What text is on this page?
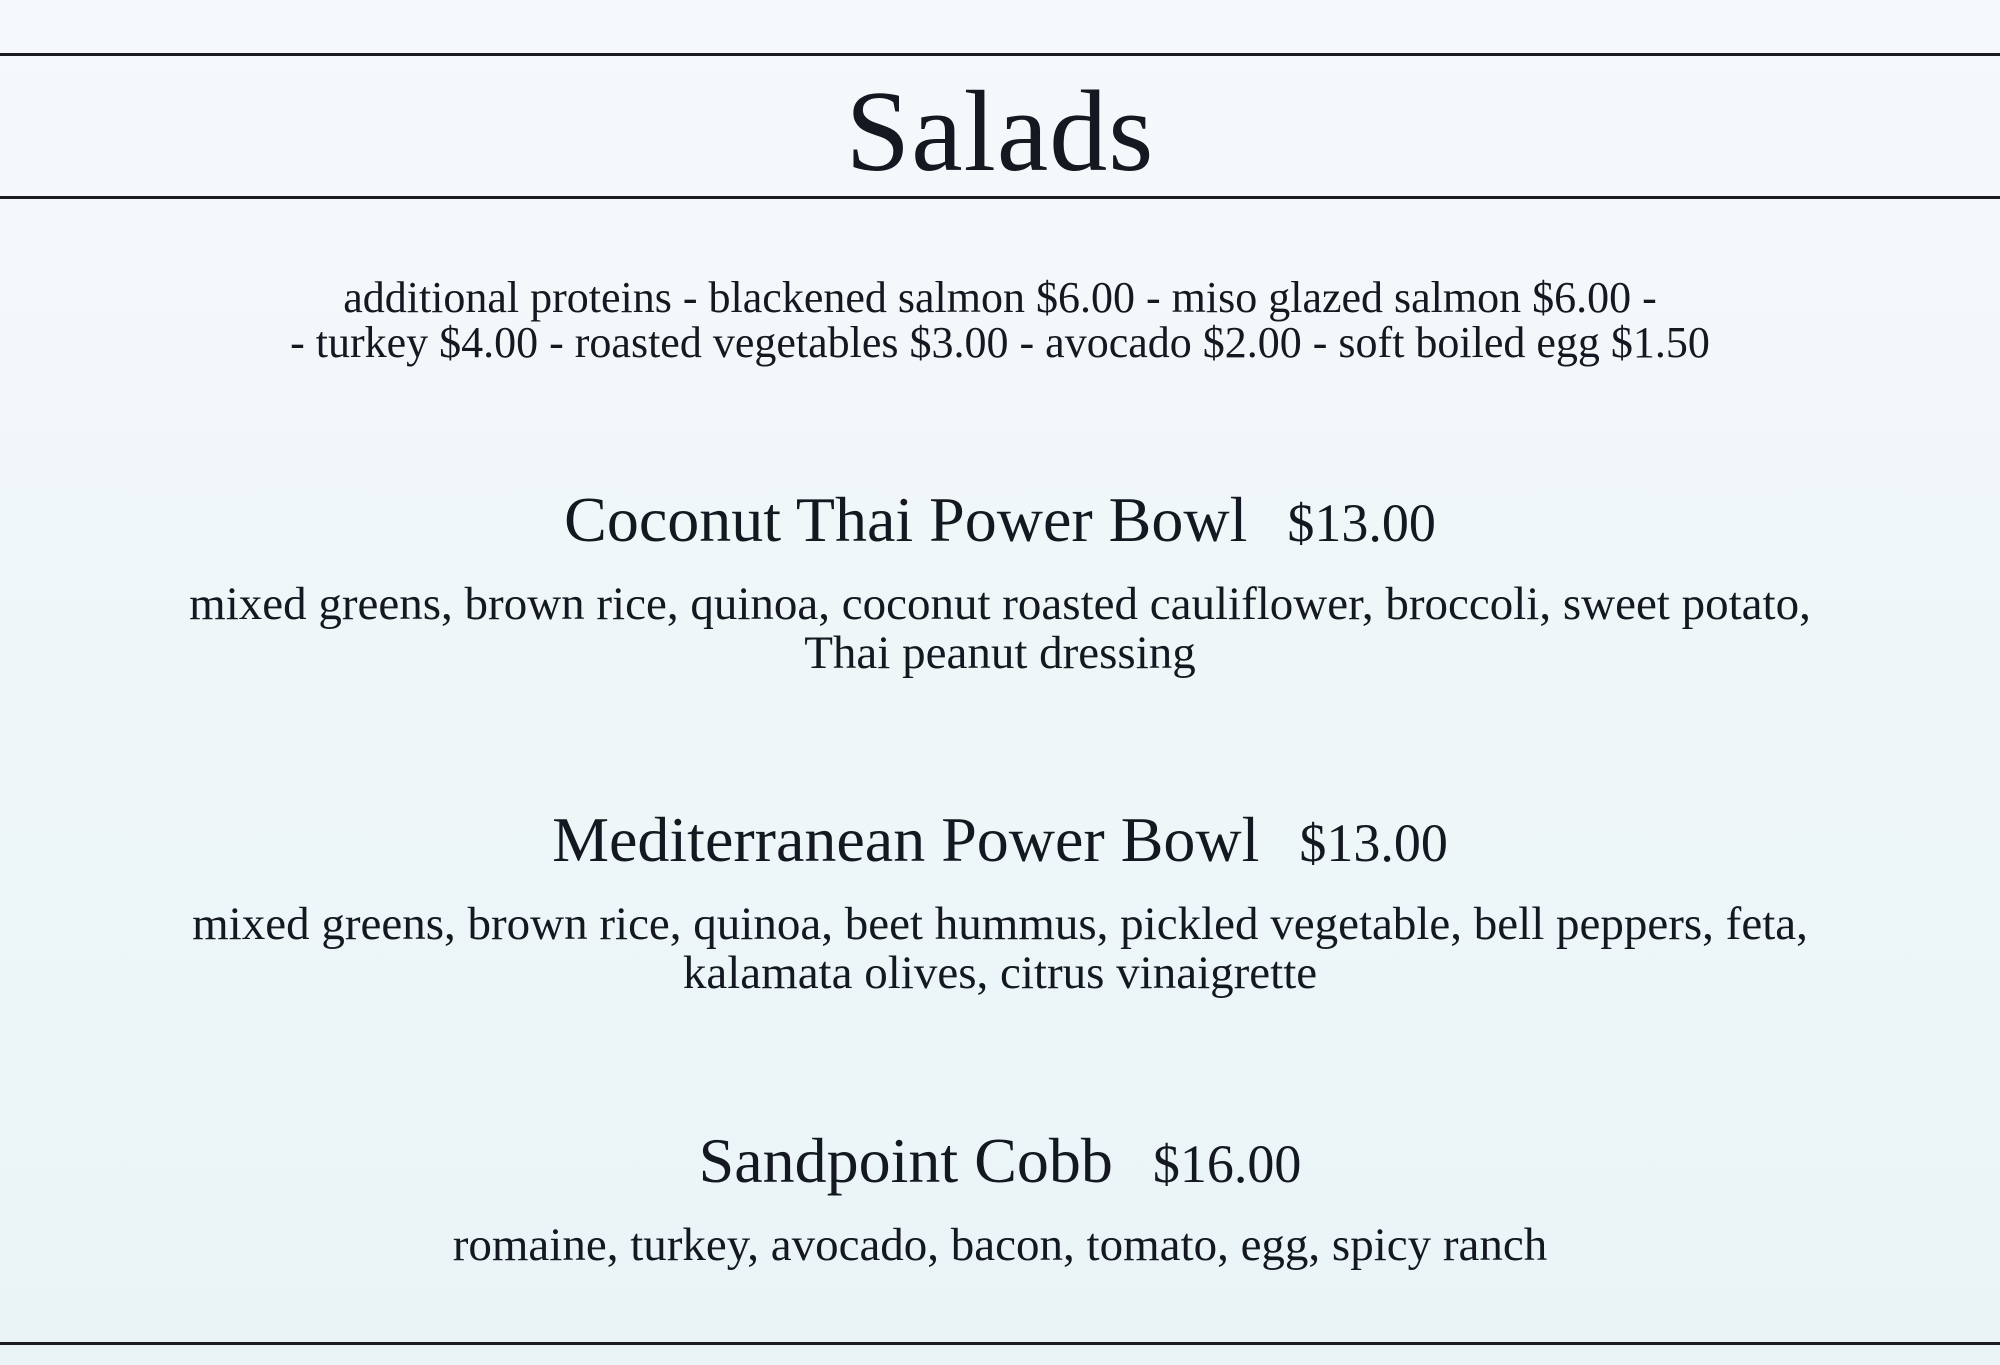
Salads
additional proteins - blackened salmon $6.00 - miso glazed salmon $6.00 -
- turkey $4.00 - roasted vegetables $3.00 - avocado $2.00 - soft boiled egg $1.50
Coconut Thai Power Bowl $13.00
mixed greens, brown rice, quinoa, coconut roasted cauliflower, broccoli, sweet potato,
Thai peanut dressing
Mediterranean Power Bowl $13.00
mixed greens, brown rice, quinoa, beet hummus, pickled vegetable, bell peppers, feta,
kalamata olives, citrus vinaigrette
Sandpoint Cobb $16.00
romaine, turkey, avocado, bacon, tomato, egg, spicy ranch
